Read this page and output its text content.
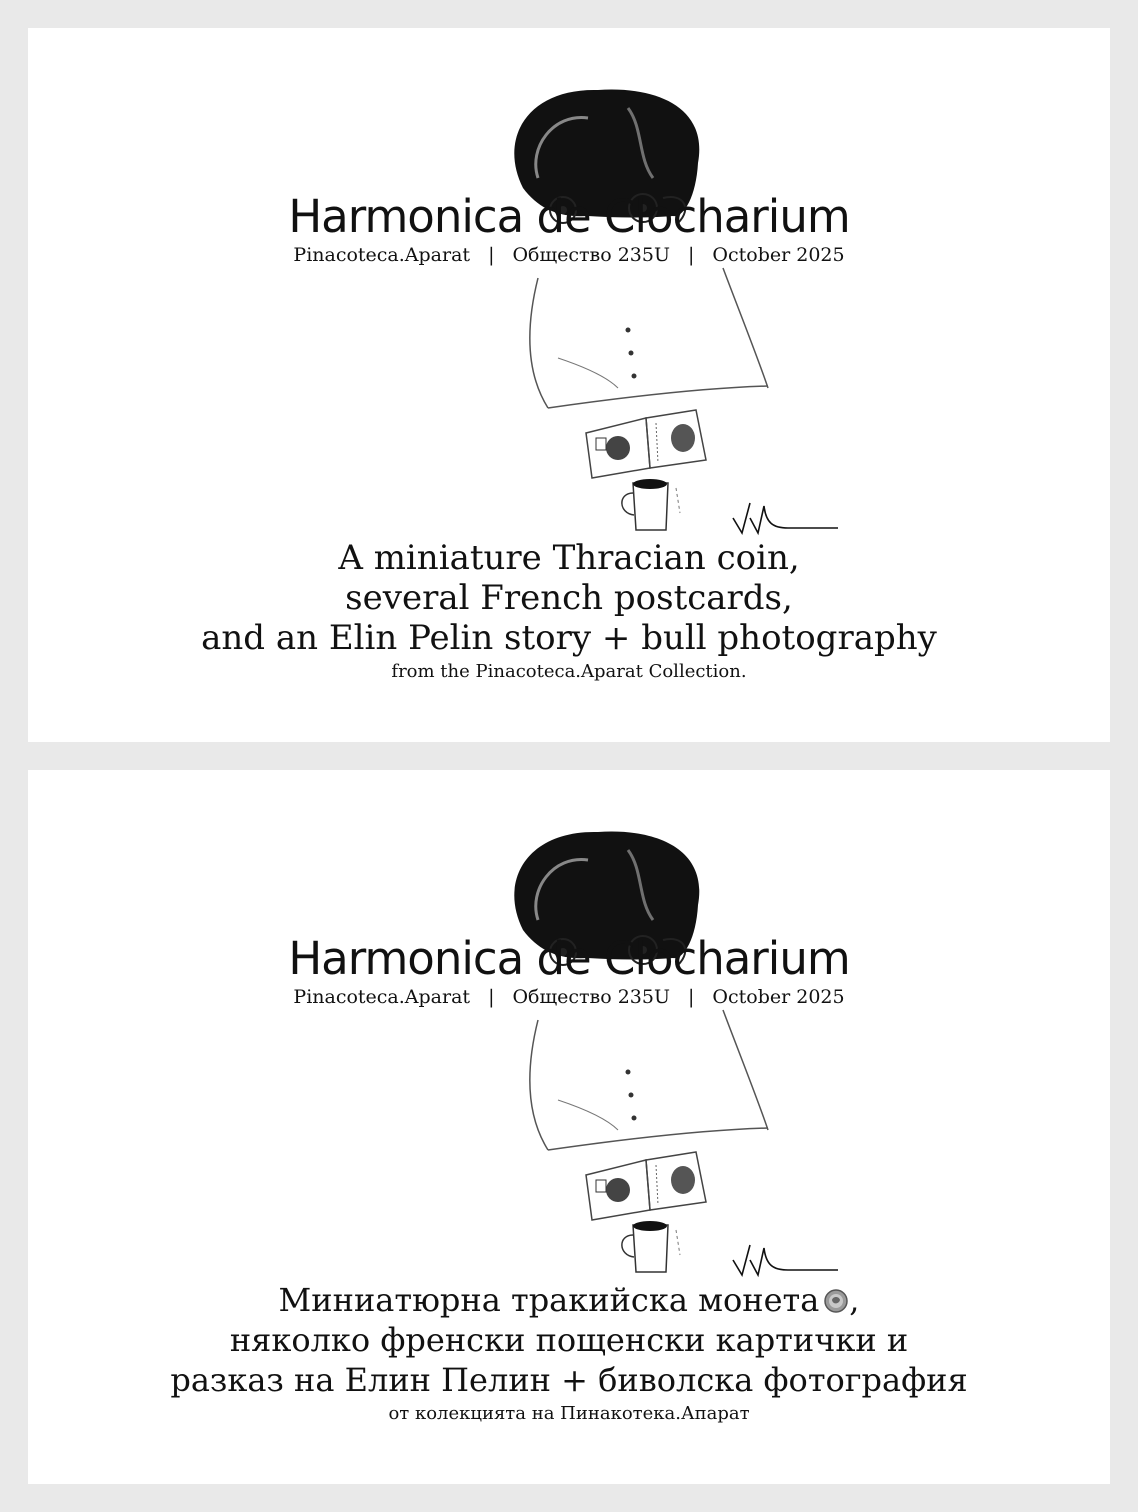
Harmonica de Clocharium
Pinacoteca.Aparat | Общество 235U | October 2025
A miniature Thracian coin,
several French postcards,
and an Elin Pelin story + bull photography
from the Pinacoteca.Aparat Collection.
Harmonica de Clocharium
Pinacoteca.Aparat | Общество 235U | October 2025
Миниатюрна тракийска монета ,
няколко френски пощенски картички и
разказ на Елин Пелин + биволска фотография
от колекцията на Пинакотека.Апарат
